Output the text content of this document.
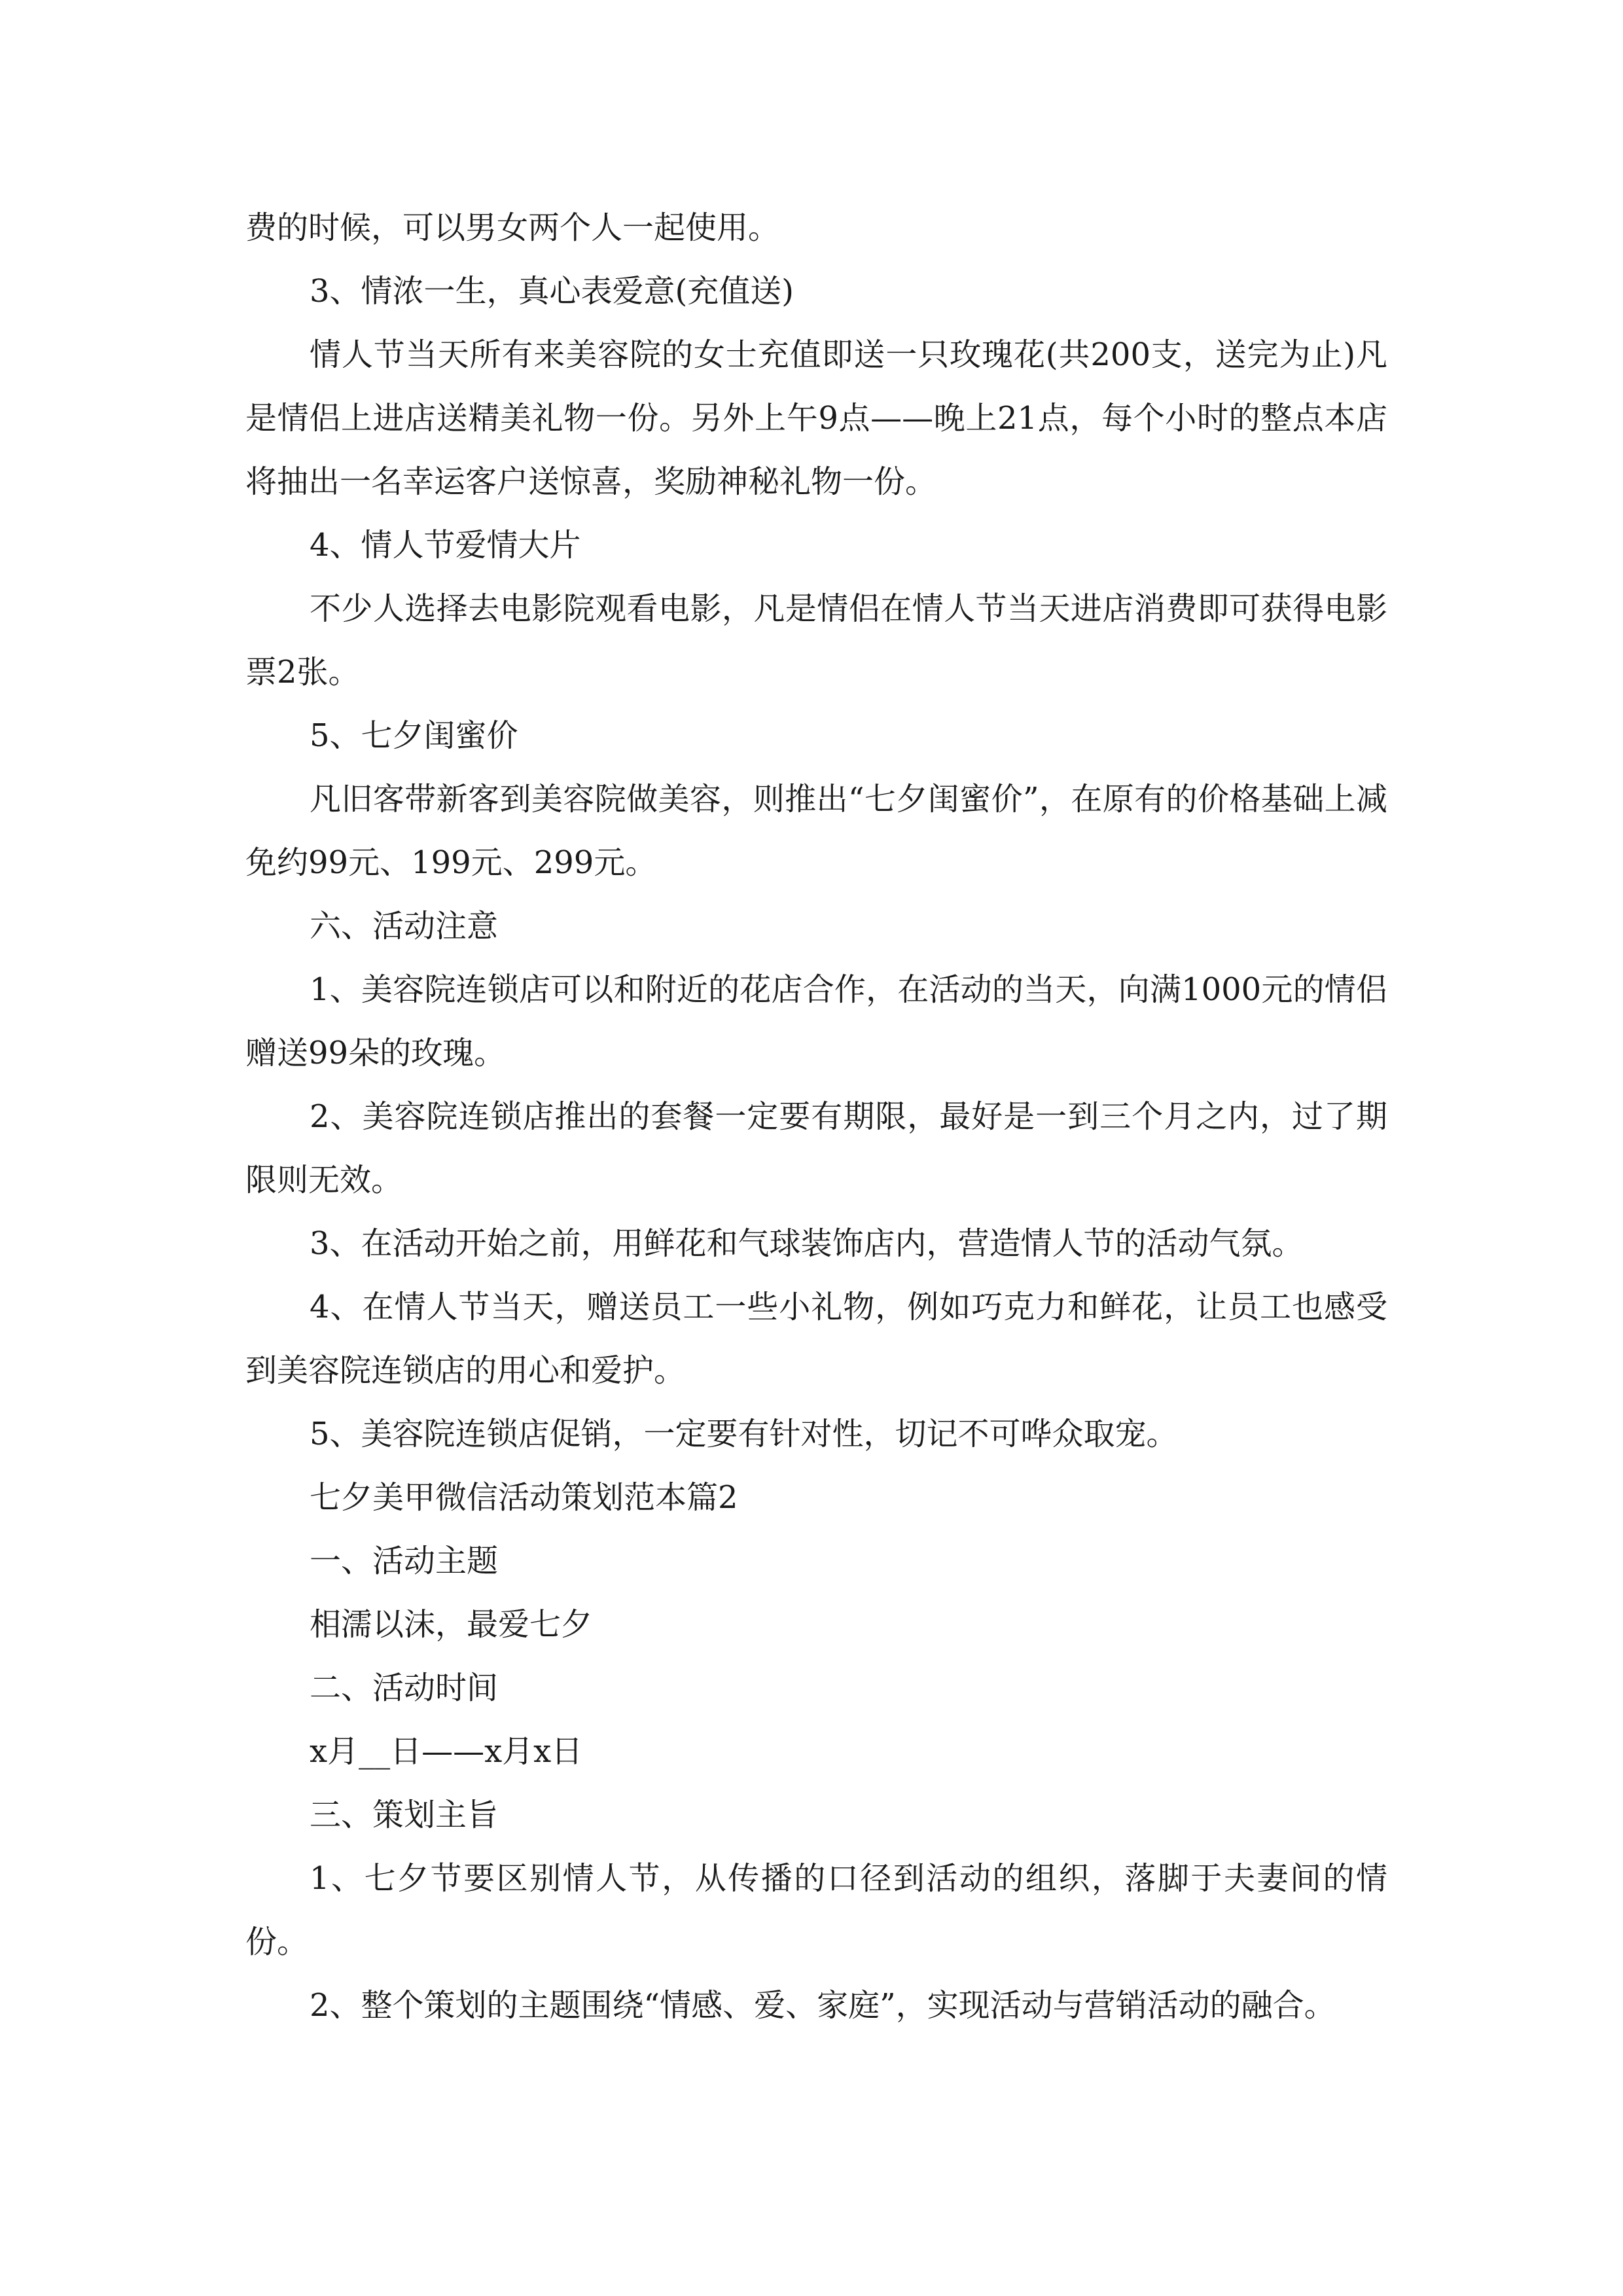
费的时候，可以男女两个人一起使用。

3、情浓一生，真心表爱意(充值送)

情人节当天所有来美容院的女士充值即送一只玫瑰花(共200支，送完为止)凡是情侣上进店送精美礼物一份。另外上午9点——晚上21点，每个小时的整点本店将抽出一名幸运客户送惊喜，奖励神秘礼物一份。

4、情人节爱情大片

不少人选择去电影院观看电影，凡是情侣在情人节当天进店消费即可获得电影票2张。

5、七夕闺蜜价

凡旧客带新客到美容院做美容，则推出“七夕闺蜜价”，在原有的价格基础上减免约99元、199元、299元。

六、活动注意

1、美容院连锁店可以和附近的花店合作，在活动的当天，向满1000元的情侣赠送99朵的玫瑰。

2、美容院连锁店推出的套餐一定要有期限，最好是一到三个月之内，过了期限则无效。

3、在活动开始之前，用鲜花和气球装饰店内，营造情人节的活动气氛。

4、在情人节当天，赠送员工一些小礼物，例如巧克力和鲜花，让员工也感受到美容院连锁店的用心和爱护。

5、美容院连锁店促销，一定要有针对性，切记不可哗众取宠。

七夕美甲微信活动策划范本篇2

一、活动主题

相濡以沫，最爱七夕

二、活动时间

x月__日——x月x日

三、策划主旨

1、七夕节要区别情人节，从传播的口径到活动的组织，落脚于夫妻间的情份。

2、整个策划的主题围绕“情感、爱、家庭”，实现活动与营销活动的融合。
